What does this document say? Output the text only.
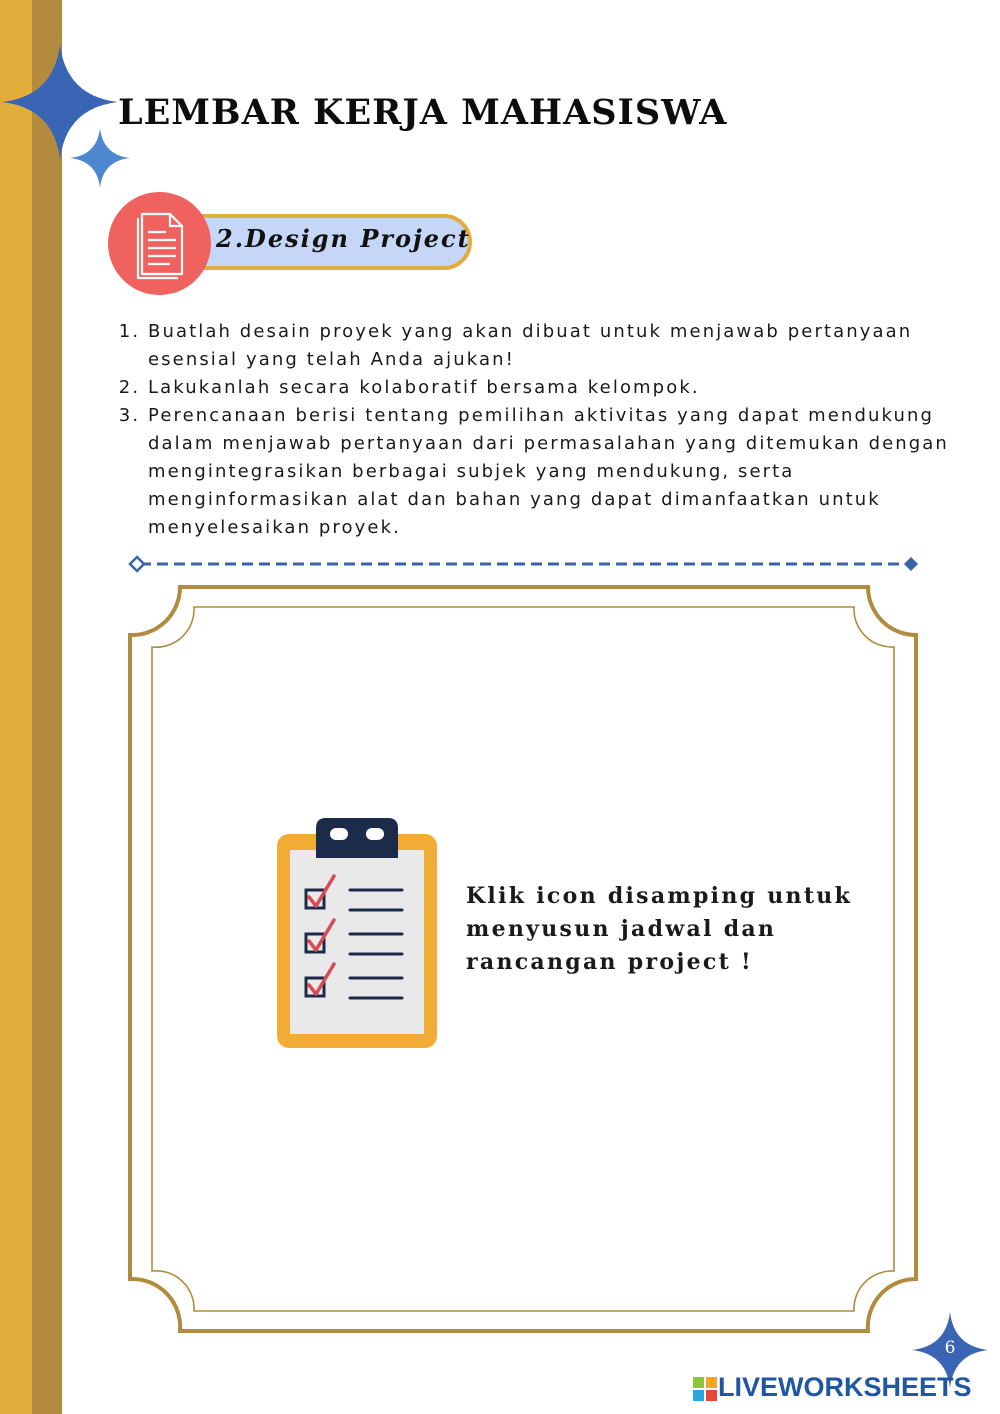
LEMBAR KERJA MAHASISWA
2.Design Project
1. Buatlah desain proyek yang akan dibuat untuk menjawab pertanyaan esensial yang telah Anda ajukan!
2. Lakukanlah secara kolaboratif bersama kelompok.
3. Perencanaan berisi tentang pemilihan aktivitas yang dapat mendukung dalam menjawab pertanyaan dari permasalahan yang ditemukan dengan mengintegrasikan berbagai subjek yang mendukung, serta menginformasikan alat dan bahan yang dapat dimanfaatkan untuk menyelesaikan proyek.

Klik icon disamping untuk menyusun jadwal dan rancangan project !

6
LIVEWORKSHEETS
